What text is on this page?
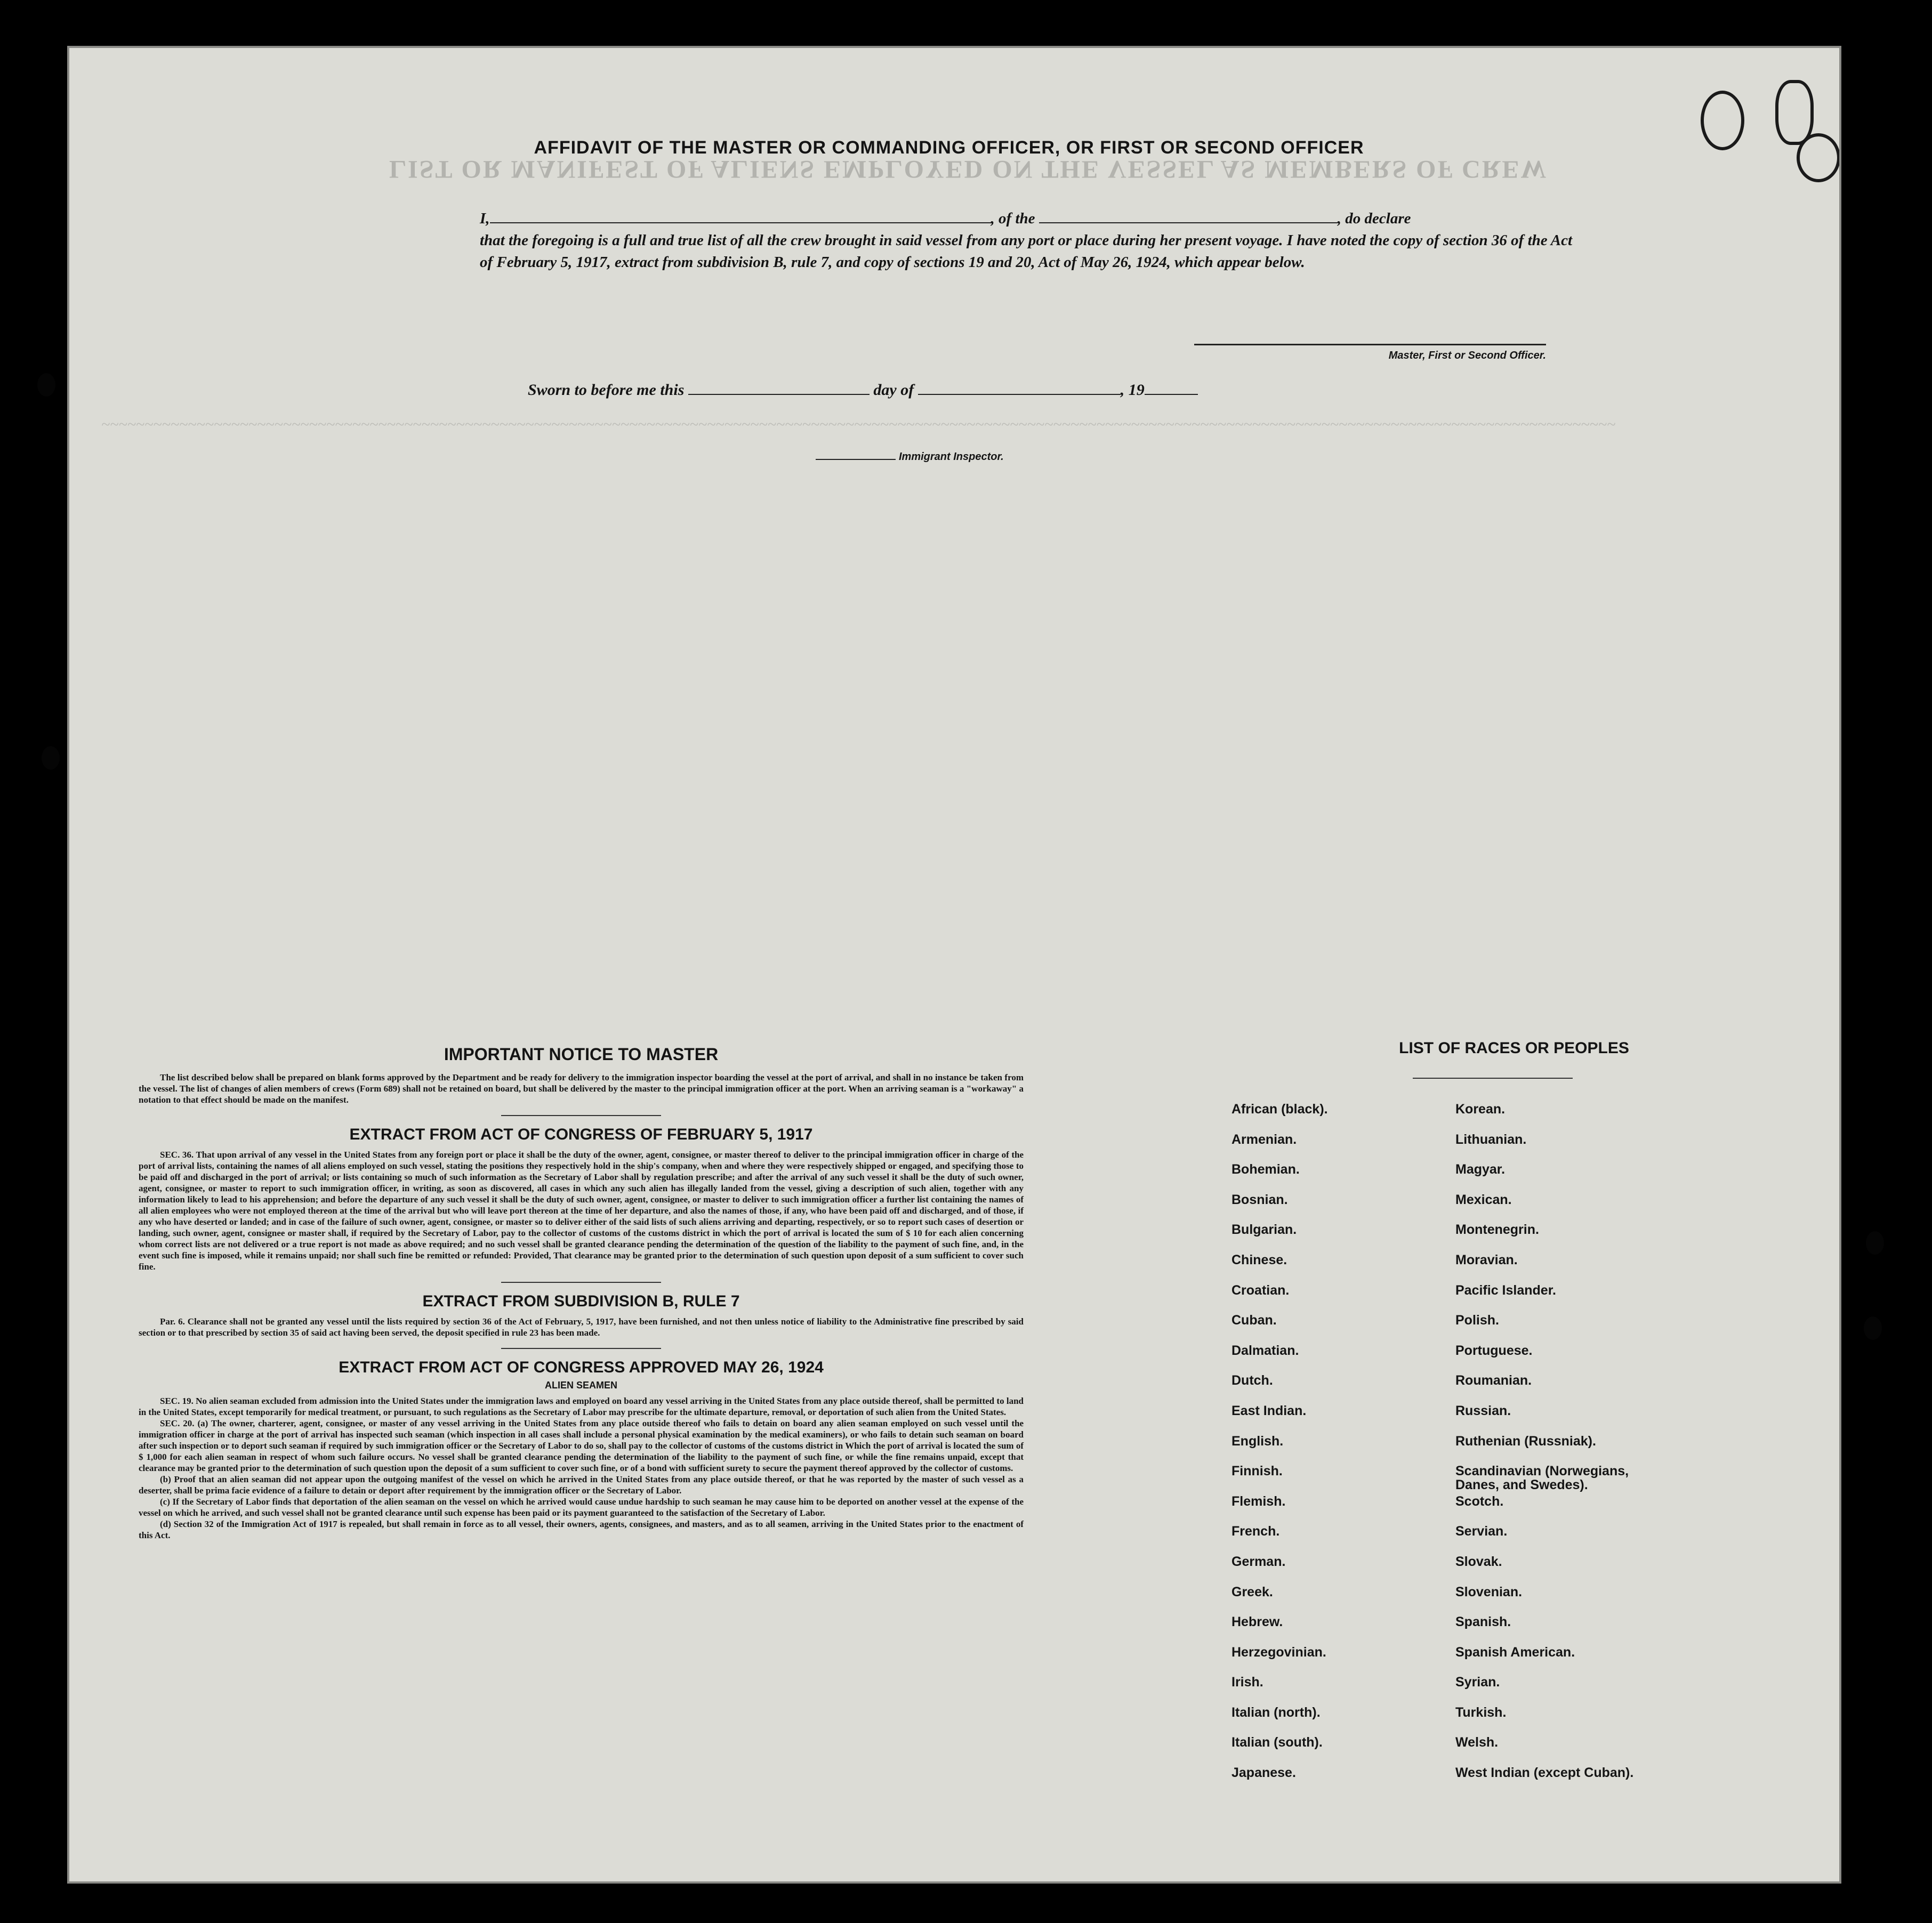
LIST OR MANIFEST OF ALIENS EMPLOYED ON THE VESSEL AS MEMBERS OF CREW
~~~~~~~~~~~~~~~~~~~~~~~~~~~~~~~~~~~~~~~~~~~~~~~~~~~~~~~~~~~~~~~~~~~~~~~~~~~~~~~~~~~~~~~~~~~~~~~~~~~~~~~~~~~~~~~~~~~~~~~~~~~~~~~~~~~~~~~~~~~~~~~~~~~~~~~~~~~~~~~~~~~~~~~~~~~~~~~
AFFIDAVIT OF THE MASTER OR COMMANDING OFFICER, OR FIRST OR SECOND OFFICER
I,	, of the	, do declare
that the foregoing is a full and true list of all the crew brought in said vessel from any port or place during her present voyage. I have noted the copy of section 36 of the Act of February 5, 1917, extract from subdivision B, rule 7, and copy of sections 19 and 20, Act of May 26, 1924, which appear below.
Master, First or Second Officer.
Sworn to before me this	day of	, 19
Immigrant Inspector.
IMPORTANT NOTICE TO MASTER

The list described below shall be prepared on blank forms approved by the Department and be ready for delivery to the immigration inspector boarding the vessel at the port of arrival, and shall in no instance be taken from the vessel. The list of changes of alien members of crews (Form 689) shall not be retained on board, but shall be delivered by the master to the principal immigration officer at the port. When an arriving seaman is a "workaway" a notation to that effect should be made on the manifest.

EXTRACT FROM ACT OF CONGRESS OF FEBRUARY 5, 1917

SEC. 36. That upon arrival of any vessel in the United States from any foreign port or place it shall be the duty of the owner, agent, consignee, or master thereof to deliver to the principal immigration officer in charge of the port of arrival lists, containing the names of all aliens employed on such vessel, stating the positions they respectively hold in the ship's company, when and where they were respectively shipped or engaged, and specifying those to be paid off and discharged in the port of arrival; or lists containing so much of such information as the Secretary of Labor shall by regulation prescribe; and after the arrival of any such vessel it shall be the duty of such owner, agent, consignee, or master to report to such immigration officer, in writing, as soon as discovered, all cases in which any such alien has illegally landed from the vessel, giving a description of such alien, together with any information likely to lead to his apprehension; and before the departure of any such vessel it shall be the duty of such owner, agent, consignee, or master to deliver to such immigration officer a further list containing the names of all alien employees who were not employed thereon at the time of the arrival but who will leave port thereon at the time of her departure, and also the names of those, if any, who have been paid off and discharged, and of those, if any who have deserted or landed; and in case of the failure of such owner, agent, consignee, or master so to deliver either of the said lists of such aliens arriving and departing, respectively, or so to report such cases of desertion or landing, such owner, agent, consignee or master shall, if required by the Secretary of Labor, pay to the collector of customs of the customs district in which the port of arrival is located the sum of $ 10 for each alien concerning whom correct lists are not delivered or a true report is not made as above required; and no such vessel shall be granted clearance pending the determination of the question of the liability to the payment of such fine, and, in the event such fine is imposed, while it remains unpaid; nor shall such fine be remitted or refunded: Provided, That clearance may be granted prior to the determination of such question upon deposit of a sum sufficient to cover such fine.

EXTRACT FROM SUBDIVISION B, RULE 7

Par. 6. Clearance shall not be granted any vessel until the lists required by section 36 of the Act of February, 5, 1917, have been furnished, and not then unless notice of liability to the Administrative fine prescribed by said section or to that prescribed by section 35 of said act having been served, the deposit specified in rule 23 has been made.

EXTRACT FROM ACT OF CONGRESS APPROVED MAY 26, 1924
ALIEN SEAMEN

SEC. 19. No alien seaman excluded from admission into the United States under the immigration laws and employed on board any vessel arriving in the United States from any place outside thereof, shall be permitted to land in the United States, except temporarily for medical treatment, or pursuant, to such regulations as the Secretary of Labor may prescribe for the ultimate departure, removal, or deportation of such alien from the United States.

SEC. 20. (a) The owner, charterer, agent, consignee, or master of any vessel arriving in the United States from any place outside thereof who fails to detain on board any alien seaman employed on such vessel until the immigration officer in charge at the port of arrival has inspected such seaman (which inspection in all cases shall include a personal physical examination by the medical examiners), or who fails to detain such seaman on board after such inspection or to deport such seaman if required by such immigration officer or the Secretary of Labor to do so, shall pay to the collector of customs of the customs district in Which the port of arrival is located the sum of $ 1,000 for each alien seaman in respect of whom such failure occurs. No vessel shall be granted clearance pending the determination of the liability to the payment of such fine, or while the fine remains unpaid, except that clearance may be granted prior to the determination of such question upon the deposit of a sum sufficient to cover such fine, or of a bond with sufficient surety to secure the payment thereof approved by the collector of customs.

(b) Proof that an alien seaman did not appear upon the outgoing manifest of the vessel on which he arrived in the United States from any place outside thereof, or that he was reported by the master of such vessel as a deserter, shall be prima facie evidence of a failure to detain or deport after requirement by the immigration officer or the Secretary of Labor.

(c) If the Secretary of Labor finds that deportation of the alien seaman on the vessel on which he arrived would cause undue hardship to such seaman he may cause him to be deported on another vessel at the expense of the vessel on which he arrived, and such vessel shall not be granted clearance until such expense has been paid or its payment guaranteed to the satisfaction of the Secretary of Labor.

(d) Section 32 of the Immigration Act of 1917 is repealed, but shall remain in force as to all vessel, their owners, agents, consignees, and masters, and as to all seamen, arriving in the United States prior to the enactment of this Act.

LIST OF RACES OR PEOPLES
African (black).	Korean.
Armenian.	Lithuanian.
Bohemian.	Magyar.
Bosnian.	Mexican.
Bulgarian.	Montenegrin.
Chinese.	Moravian.
Croatian.	Pacific Islander.
Cuban.	Polish.
Dalmatian.	Portuguese.
Dutch.	Roumanian.
East Indian.	Russian.
English.	Ruthenian (Russniak).
Finnish.	Scandinavian (Norwegians,
Danes, and Swedes).
Flemish.	Scotch.
French.	Servian.
German.	Slovak.
Greek.	Slovenian.
Hebrew.	Spanish.
Herzegovinian.	Spanish American.
Irish.	Syrian.
Italian (north).	Turkish.
Italian (south).	Welsh.
Japanese.	West Indian (except Cuban).
